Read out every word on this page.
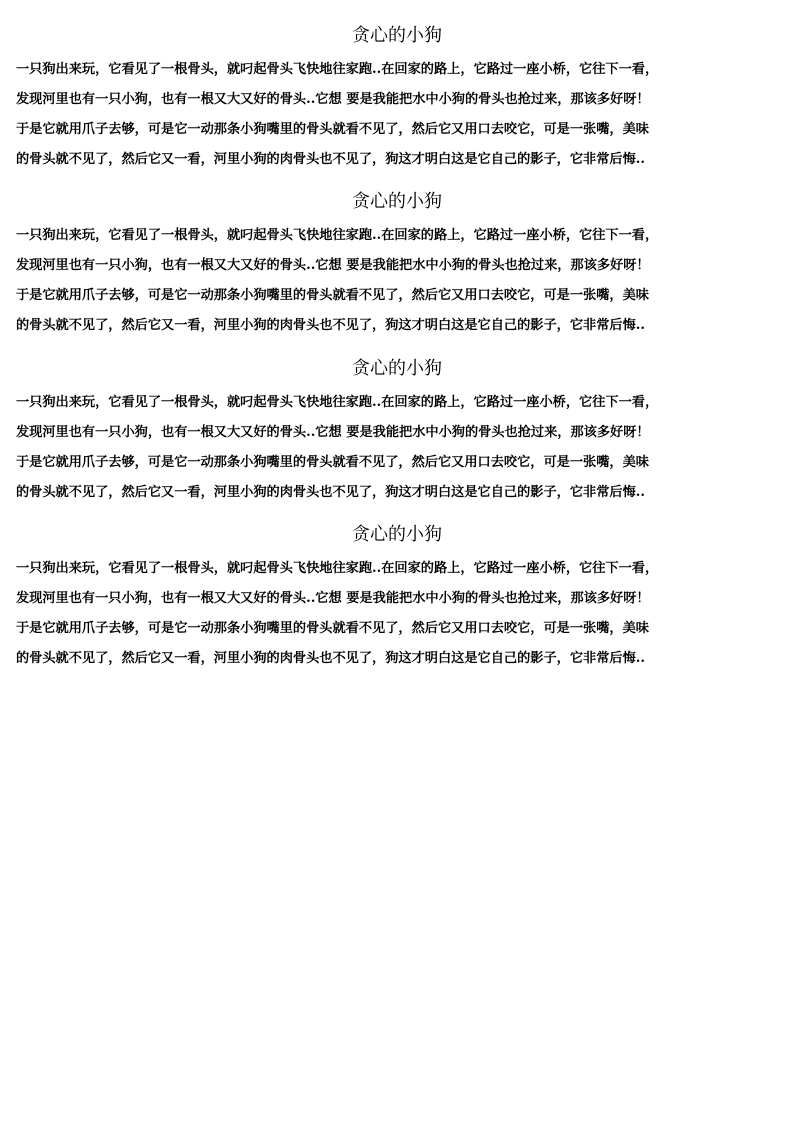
贪心的小狗

一只狗出来玩，它看见了一根骨头，就叼起骨头飞快地往家跑..在回家的路上，它路过一座小桥，它往下一看，

发现河里也有一只小狗，也有一根又大又好的骨头..它想 要是我能把水中小狗的骨头也抢过来，那该多好呀！

于是它就用爪子去够，可是它一动那条小狗嘴里的骨头就看不见了，然后它又用口去咬它，可是一张嘴，美味

的骨头就不见了，然后它又一看，河里小狗的肉骨头也不见了，狗这才明白这是它自己的影子，它非常后悔..

贪心的小狗

一只狗出来玩，它看见了一根骨头，就叼起骨头飞快地往家跑..在回家的路上，它路过一座小桥，它往下一看，

发现河里也有一只小狗，也有一根又大又好的骨头..它想 要是我能把水中小狗的骨头也抢过来，那该多好呀！

于是它就用爪子去够，可是它一动那条小狗嘴里的骨头就看不见了，然后它又用口去咬它，可是一张嘴，美味

的骨头就不见了，然后它又一看，河里小狗的肉骨头也不见了，狗这才明白这是它自己的影子，它非常后悔..

贪心的小狗

一只狗出来玩，它看见了一根骨头，就叼起骨头飞快地往家跑..在回家的路上，它路过一座小桥，它往下一看，

发现河里也有一只小狗，也有一根又大又好的骨头..它想 要是我能把水中小狗的骨头也抢过来，那该多好呀！

于是它就用爪子去够，可是它一动那条小狗嘴里的骨头就看不见了，然后它又用口去咬它，可是一张嘴，美味

的骨头就不见了，然后它又一看，河里小狗的肉骨头也不见了，狗这才明白这是它自己的影子，它非常后悔..

贪心的小狗

一只狗出来玩，它看见了一根骨头，就叼起骨头飞快地往家跑..在回家的路上，它路过一座小桥，它往下一看，

发现河里也有一只小狗，也有一根又大又好的骨头..它想 要是我能把水中小狗的骨头也抢过来，那该多好呀！

于是它就用爪子去够，可是它一动那条小狗嘴里的骨头就看不见了，然后它又用口去咬它，可是一张嘴，美味

的骨头就不见了，然后它又一看，河里小狗的肉骨头也不见了，狗这才明白这是它自己的影子，它非常后悔..
